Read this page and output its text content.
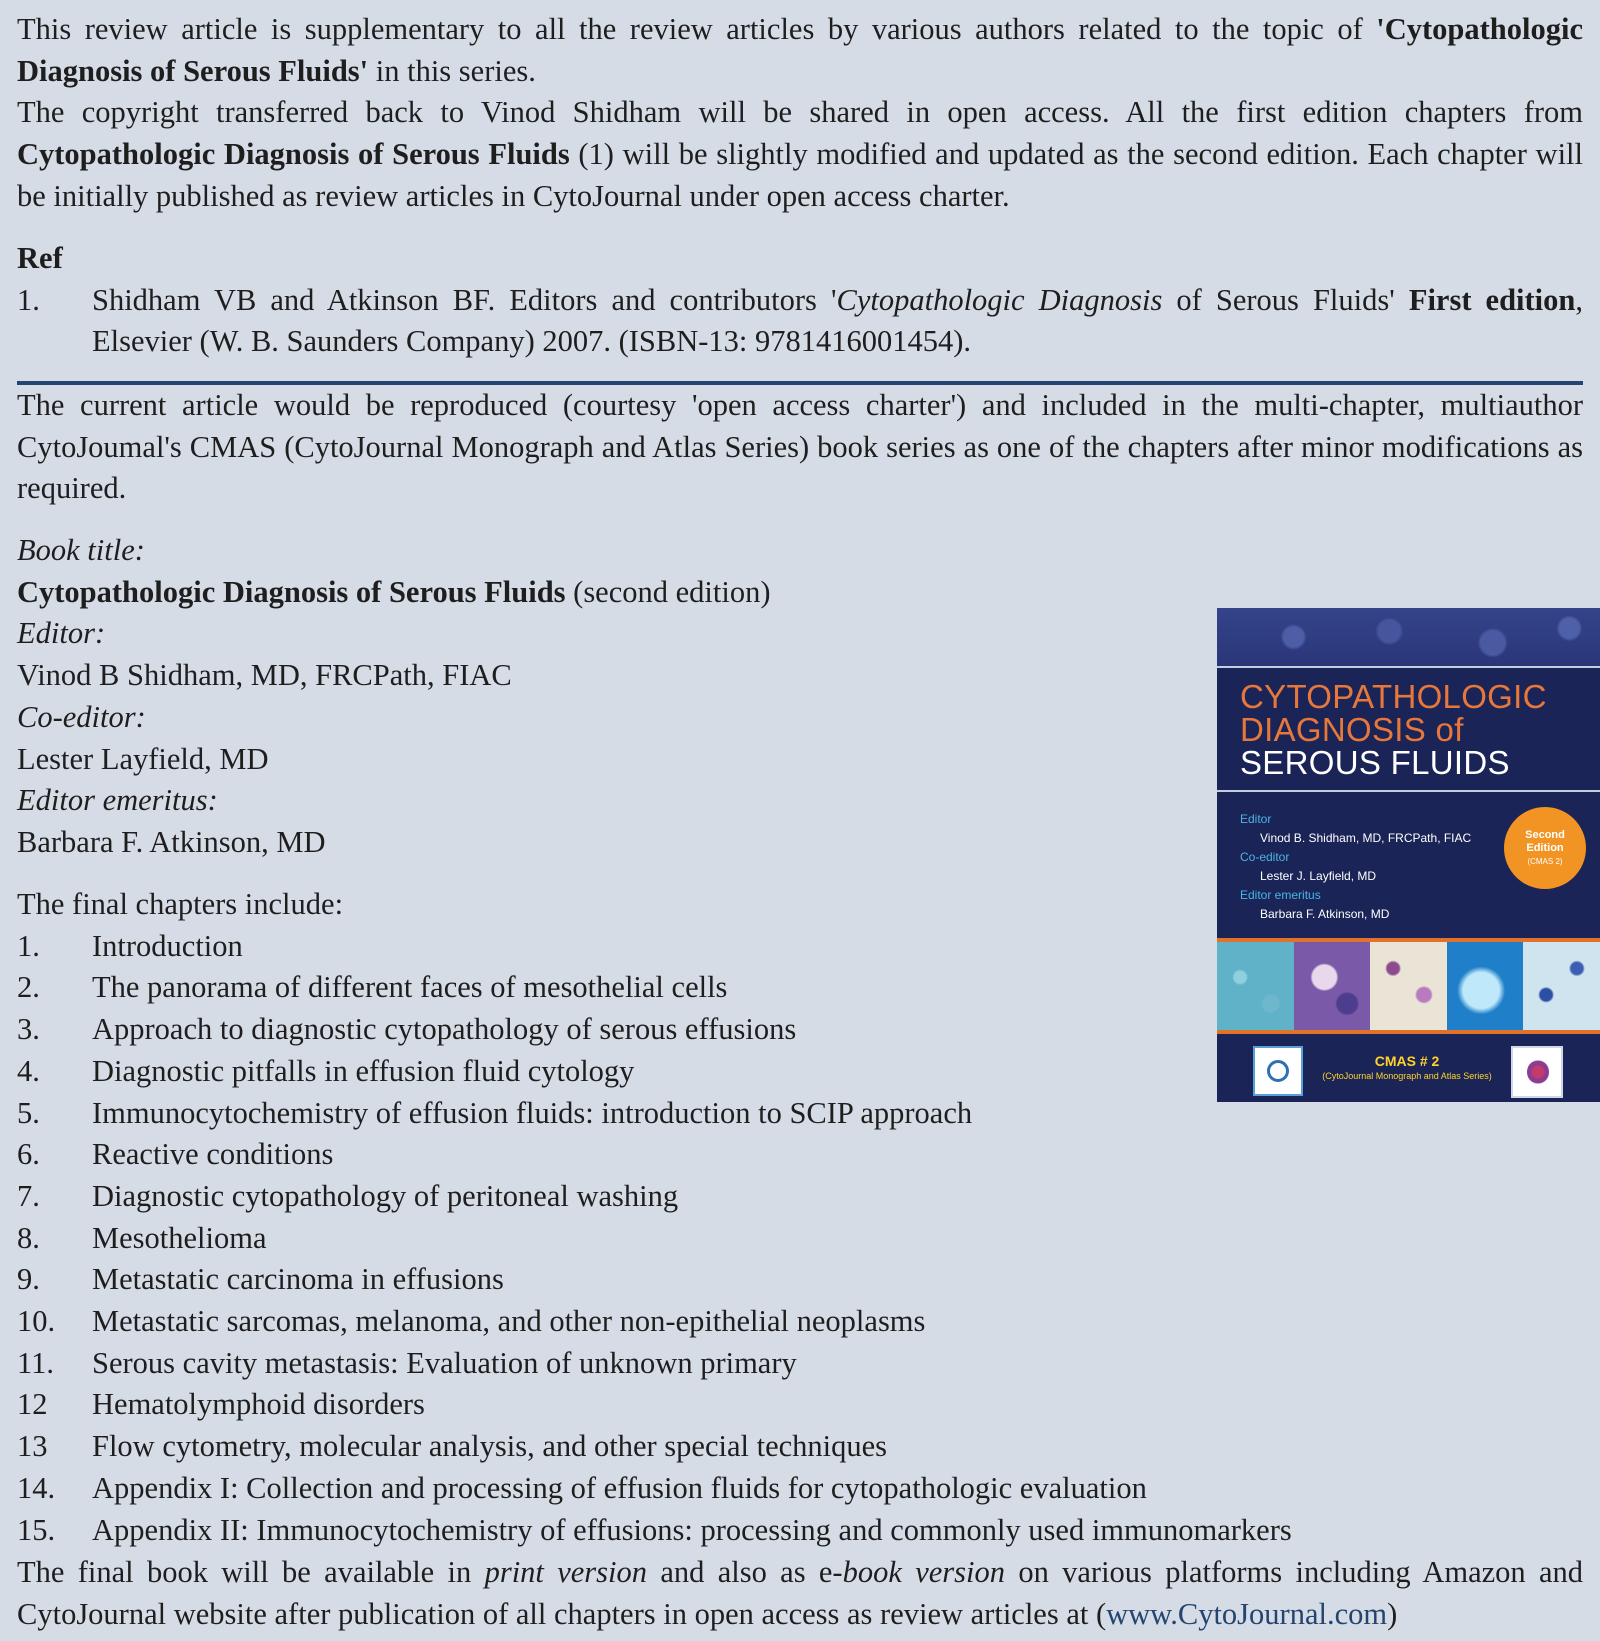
This review article is supplementary to all the review articles by various authors related to the topic of 'Cytopathologic Diagnosis of Serous Fluids' in this series.

The copyright transferred back to Vinod Shidham will be shared in open access. All the first edition chapters from Cytopathologic Diagnosis of Serous Fluids (1) will be slightly modified and updated as the second edition. Each chapter will be initially published as review articles in CytoJournal under open access charter.

Ref

1.	Shidham VB and Atkinson BF. Editors and contributors 'Cytopathologic Diagnosis of Serous Fluids' First edition, Elsevier (W. B. Saunders Company) 2007. (ISBN-13: 9781416001454).

The current article would be reproduced (courtesy 'open access charter') and included in the multi-chapter, multiauthor CytoJoumal's CMAS (CytoJournal Monograph and Atlas Series) book series as one of the chapters after minor modifications as required.

Book title:

Cytopathologic Diagnosis of Serous Fluids (second edition)

Editor:

Vinod B Shidham, MD, FRCPath, FIAC

Co-editor:

Lester Layfield, MD

Editor emeritus:

Barbara F. Atkinson, MD

The final chapters include:

1.	Introduction
2.	The panorama of different faces of mesothelial cells
3.	Approach to diagnostic cytopathology of serous effusions
4.	Diagnostic pitfalls in effusion fluid cytology
5.	Immunocytochemistry of effusion fluids: introduction to SCIP approach
6.	Reactive conditions
7.	Diagnostic cytopathology of peritoneal washing
8.	Mesothelioma
9.	Metastatic carcinoma in effusions
10.	Metastatic sarcomas, melanoma, and other non-epithelial neoplasms
11.	Serous cavity metastasis: Evaluation of unknown primary
12	Hematolymphoid disorders
13	Flow cytometry, molecular analysis, and other special techniques
14.	Appendix I: Collection and processing of effusion fluids for cytopathologic evaluation
15.	Appendix II: Immunocytochemistry of effusions: processing and commonly used immunomarkers

The final book will be available in print version and also as e-book version on various platforms including Amazon and CytoJournal website after publication of all chapters in open access as review articles at (www.CytoJournal.com)

CYTOPATHOLOGIC
DIAGNOSIS of
SEROUS FLUIDS
Editor
Vinod B. Shidham, MD, FRCPath, FIAC
Co-editor
Lester J. Layfield, MD
Editor emeritus
Barbara F. Atkinson, MD
Second
Edition
(CMAS 2)
CMAS # 2
(CytoJournal Monograph and Atlas Series)
